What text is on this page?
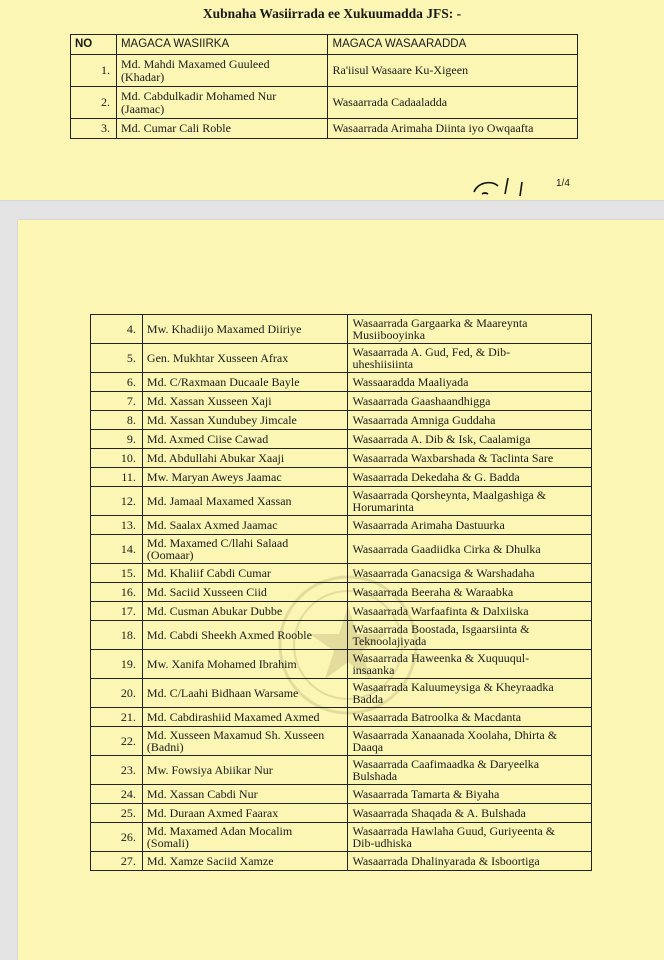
Xubnaha Wasiirrada ee Xukuumadda JFS: -
NO	MAGACA WASIIRKA	MAGACA WASAARADDA
1.	Md. Mahdi Maxamed Guuleed
(Khadar)	Ra'iisul Wasaare Ku-Xigeen
2.	Md. Cabdulkadir Mohamed Nur
(Jaamac)	Wasaarrada Cadaaladda
3.	Md. Cumar Cali Roble	Wasaarrada Arimaha Diinta iyo Owqaafta
1/4
4.	Mw. Khadiijo Maxamed Diiriye	Wasaarrada Gargaarka & Maareynta
Musiibooyinka
5.	Gen. Mukhtar Xusseen Afrax	Wasaarrada A. Gud, Fed, & Dib-
uheshiisiinta
6.	Md. C/Raxmaan Ducaale Bayle	Wassaaradda Maaliyada
7.	Md. Xassan Xusseen Xaji	Wasaarrada Gaashaandhigga
8.	Md. Xassan Xundubey Jimcale	Wasaarrada Amniga Guddaha
9.	Md. Axmed Ciise Cawad	Wasaarrada A. Dib & Isk, Caalamiga
10.	Md. Abdullahi Abukar Xaaji	Wasaarrada Waxbarshada & Taclinta Sare
11.	Mw. Maryan Aweys Jaamac	Wasaarrada Dekedaha & G. Badda
12.	Md. Jamaal Maxamed Xassan	Wasaarrada Qorsheynta, Maalgashiga &
Horumarinta
13.	Md. Saalax Axmed Jaamac	Wasaarrada Arimaha Dastuurka
14.	Md. Maxamed C/llahi Salaad
(Oomaar)	Wasaarrada Gaadiidka Cirka & Dhulka
15.	Md. Khaliif Cabdi Cumar	Wasaarrada Ganacsiga & Warshadaha
16.	Md. Saciid Xusseen Ciid	Wasaarrada Beeraha & Waraabka
17.	Md. Cusman Abukar Dubbe	Wasaarrada Warfaafinta & Dalxiiska
18.	Md. Cabdi Sheekh Axmed Rooble	Wasaarrada Boostada, Isgaarsiinta &
Teknoolajiyada
19.	Mw. Xanifa Mohamed Ibrahim	Wasaarrada Haweenka & Xuquuqul-
insaanka
20.	Md. C/Laahi Bidhaan Warsame	Wasaarrada Kaluumeysiga & Kheyraadka
Badda
21.	Md. Cabdirashiid Maxamed Axmed	Wasaarrada Batroolka & Macdanta
22.	Md. Xusseen Maxamud Sh. Xusseen
(Badni)	Wasaarrada Xanaanada Xoolaha, Dhirta &
Daaqa
23.	Mw. Fowsiya Abiikar Nur	Wasaarrada Caafimaadka & Daryeelka
Bulshada
24.	Md. Xassan Cabdi Nur	Wasaarrada Tamarta & Biyaha
25.	Md. Duraan Axmed Faarax	Wasaarrada Shaqada & A. Bulshada
26.	Md. Maxamed Adan Mocalim
(Somali)	Wasaarrada Hawlaha Guud, Guriyeenta &
Dib-udhiska
27.	Md. Xamze Saciid Xamze	Wasaarrada Dhalinyarada & Isboortiga
